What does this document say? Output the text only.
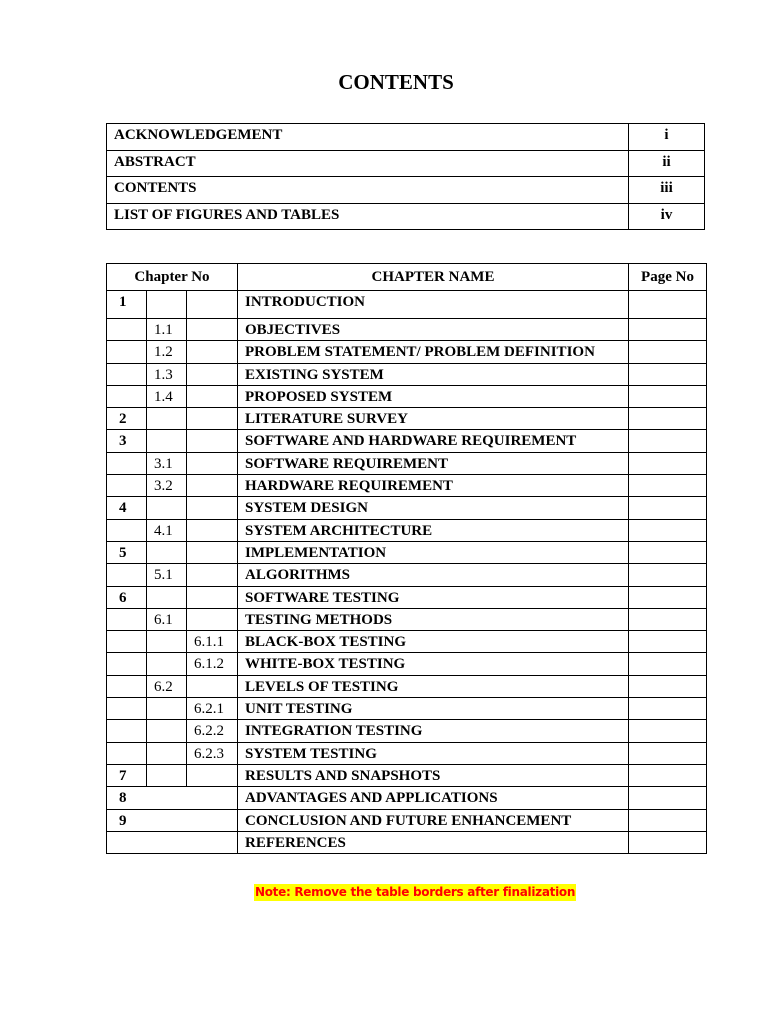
CONTENTS
ACKNOWLEDGEMENT	i
ABSTRACT	ii
CONTENTS	iii
LIST OF FIGURES AND TABLES	iv
Chapter No			CHAPTER NAME	Page No
1			INTRODUCTION	
	1.1		OBJECTIVES	
	1.2		PROBLEM STATEMENT/ PROBLEM DEFINITION	
	1.3		EXISTING SYSTEM	
	1.4		PROPOSED SYSTEM	
2			LITERATURE SURVEY	
3			SOFTWARE AND HARDWARE REQUIREMENT	
	3.1		SOFTWARE REQUIREMENT	
	3.2		HARDWARE REQUIREMENT	
4			SYSTEM DESIGN	
	4.1		SYSTEM ARCHITECTURE	
5			IMPLEMENTATION	
	5.1		ALGORITHMS	
6			SOFTWARE TESTING	
	6.1		TESTING METHODS	
		6.1.1	BLACK-BOX TESTING	
		6.1.2	WHITE-BOX TESTING	
	6.2		LEVELS OF TESTING	
		6.2.1	UNIT TESTING	
		6.2.2	INTEGRATION TESTING	
		6.2.3	SYSTEM TESTING	
7			RESULTS AND SNAPSHOTS	
8			ADVANTAGES AND APPLICATIONS	
9			CONCLUSION AND FUTURE ENHANCEMENT	
			REFERENCES	
Note: Remove the table borders after finalization
